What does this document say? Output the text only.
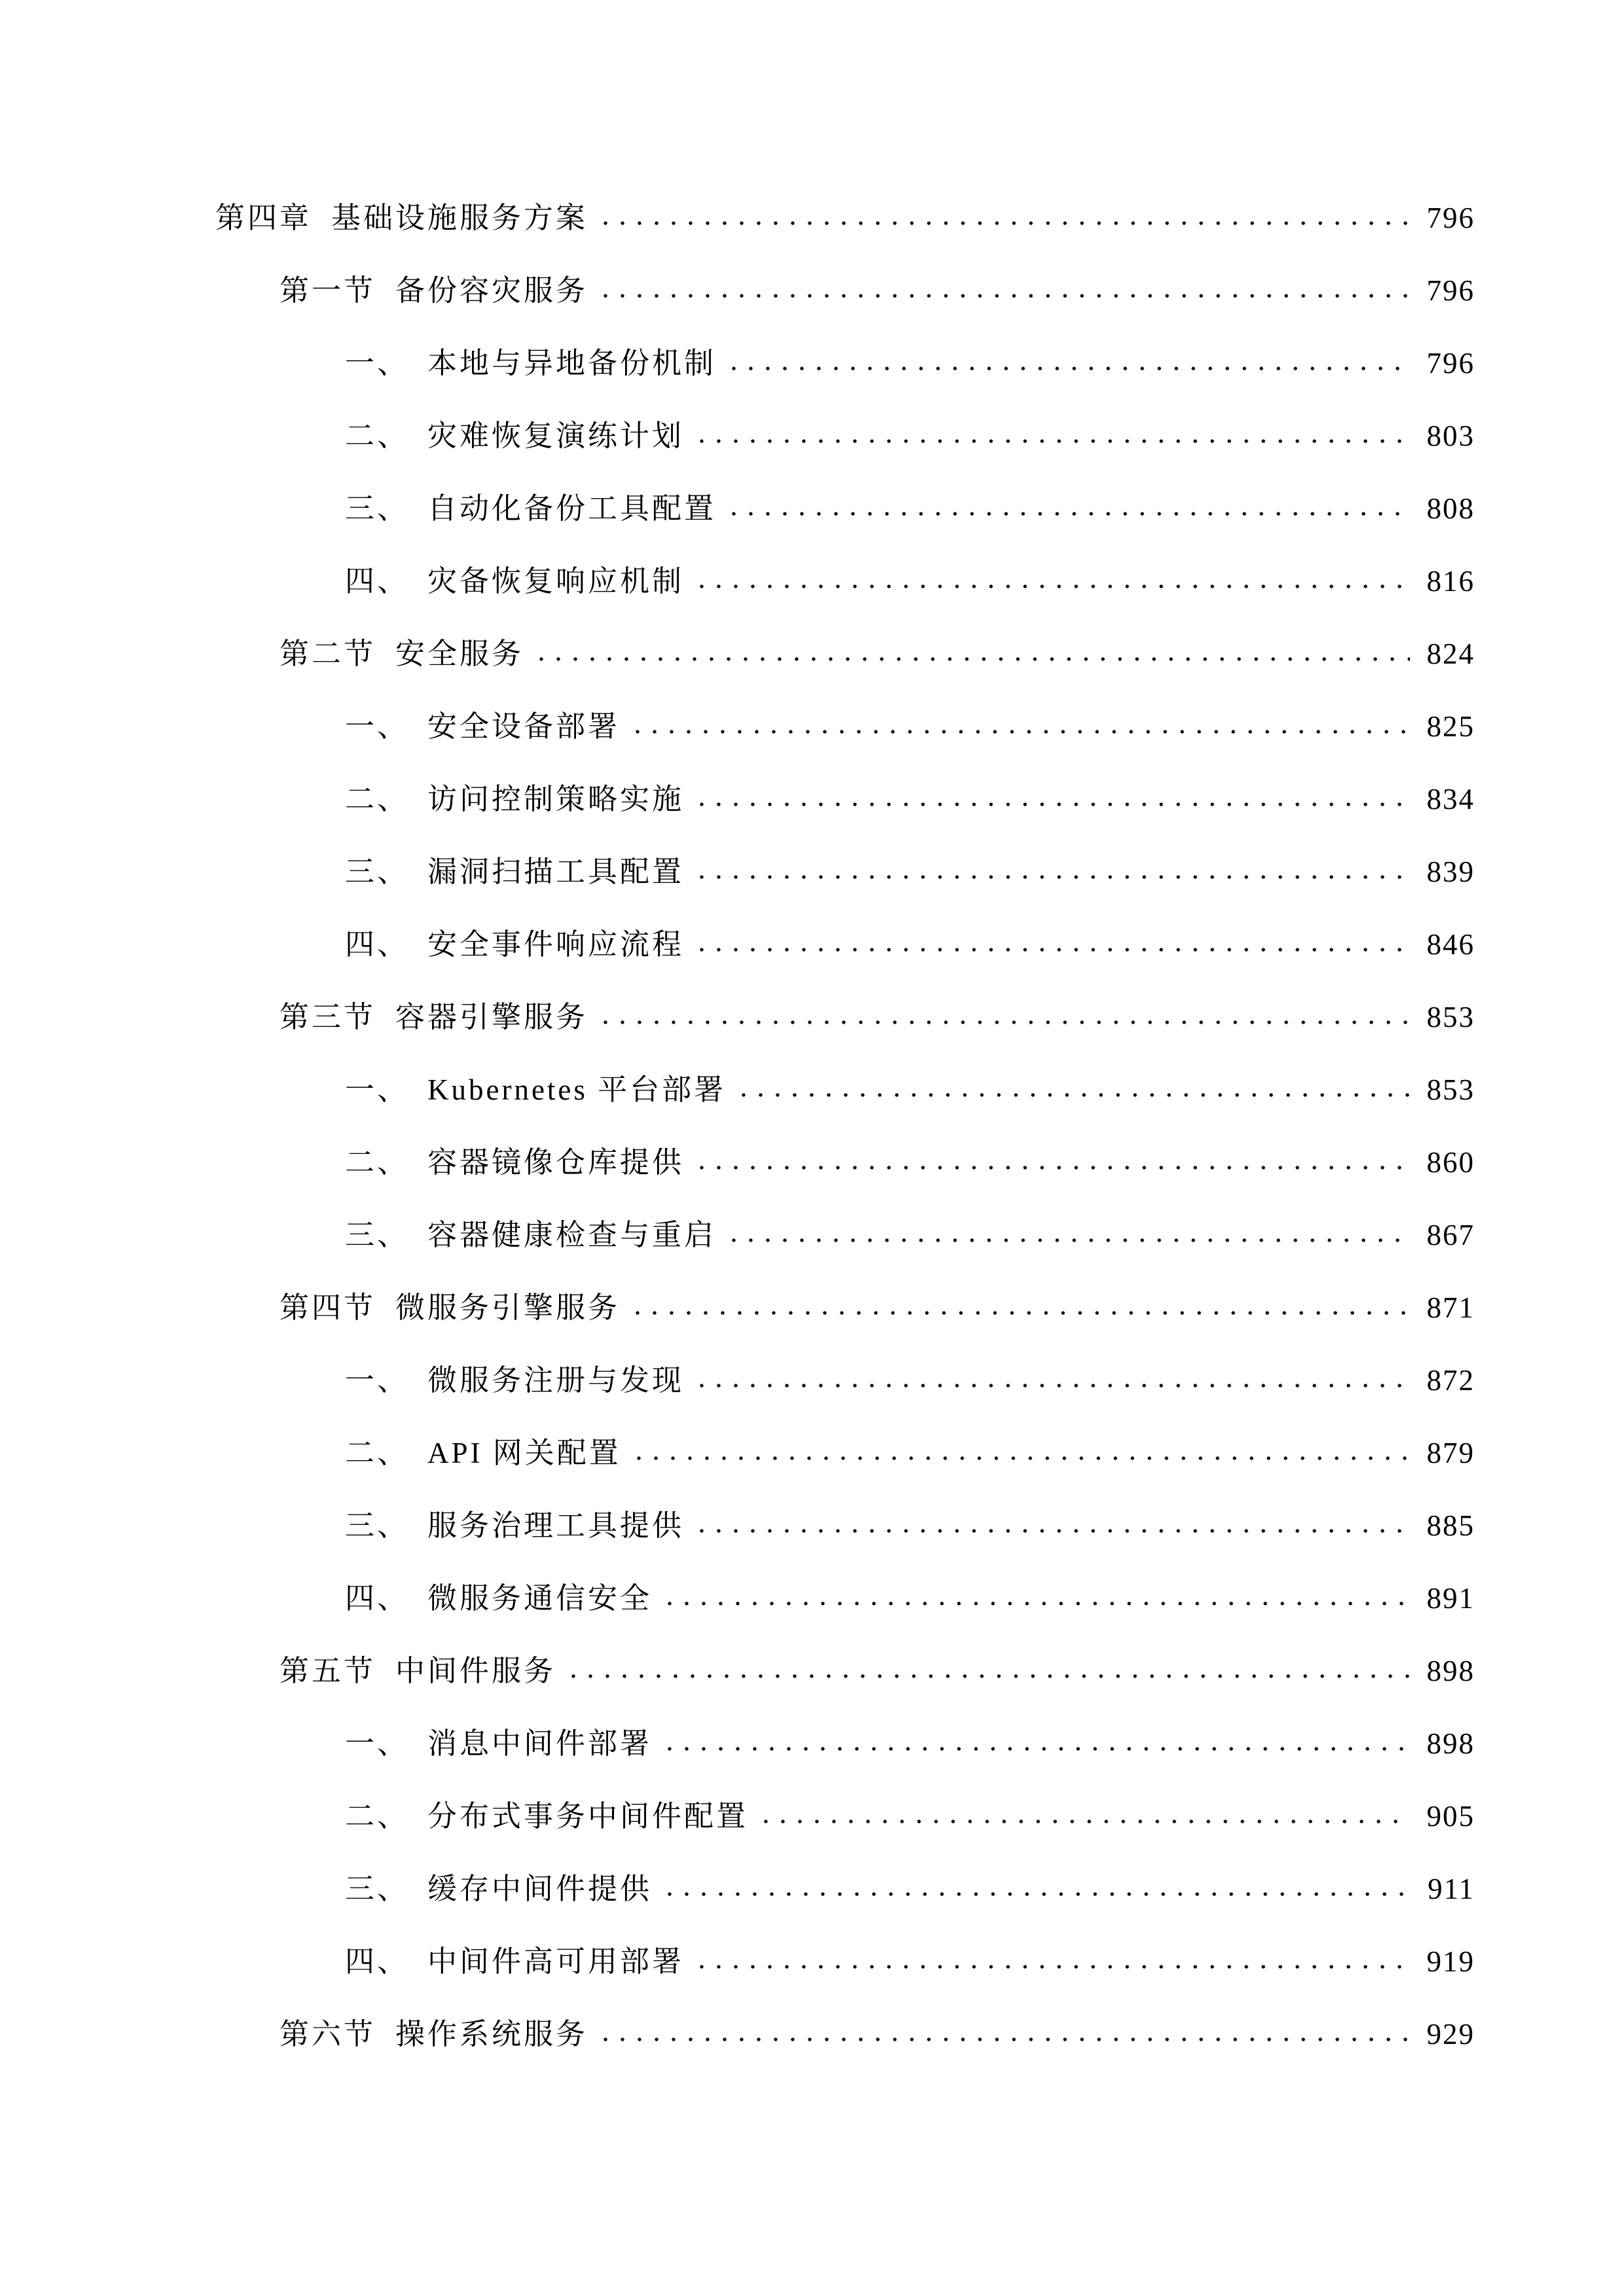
第四章 基础设施服务方案	796
第一节 备份容灾服务	796
一、 本地与异地备份机制	796
二、 灾难恢复演练计划	803
三、 自动化备份工具配置	808
四、 灾备恢复响应机制	816
第二节 安全服务	824
一、 安全设备部署	825
二、 访问控制策略实施	834
三、 漏洞扫描工具配置	839
四、 安全事件响应流程	846
第三节 容器引擎服务	853
一、 Kubernetes 平台部署	853
二、 容器镜像仓库提供	860
三、 容器健康检查与重启	867
第四节 微服务引擎服务	871
一、 微服务注册与发现	872
二、 API 网关配置	879
三、 服务治理工具提供	885
四、 微服务通信安全	891
第五节 中间件服务	898
一、 消息中间件部署	898
二、 分布式事务中间件配置	905
三、 缓存中间件提供	911
四、 中间件高可用部署	919
第六节 操作系统服务	929
